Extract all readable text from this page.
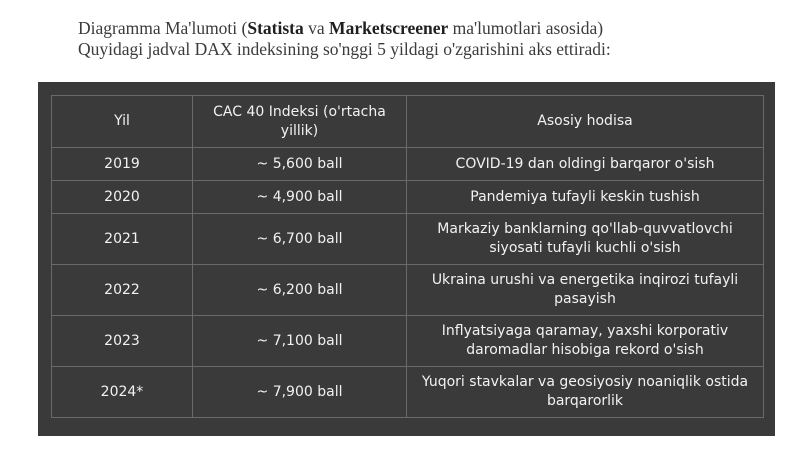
Diagramma Ma'lumoti (Statista va Marketscreener ma'lumotlari asosida)
Quyidagi jadval DAX indeksining so'nggi 5 yildagi o'zgarishini aks ettiradi:
Yil	CAC 40 Indeksi (o'rtacha yillik)	Asosiy hodisa
2019	~ 5,600 ball	COVID-19 dan oldingi barqaror o'sish
2020	~ 4,900 ball	Pandemiya tufayli keskin tushish
2021	~ 6,700 ball	Markaziy banklarning qo'llab-quvvatlovchi siyosati tufayli kuchli o'sish
2022	~ 6,200 ball	Ukraina urushi va energetika inqirozi tufayli pasayish
2023	~ 7,100 ball	Inflyatsiyaga qaramay, yaxshi korporativ daromadlar hisobiga rekord o'sish
2024*	~ 7,900 ball	Yuqori stavkalar va geosiyosiy noaniqlik ostida barqarorlik
